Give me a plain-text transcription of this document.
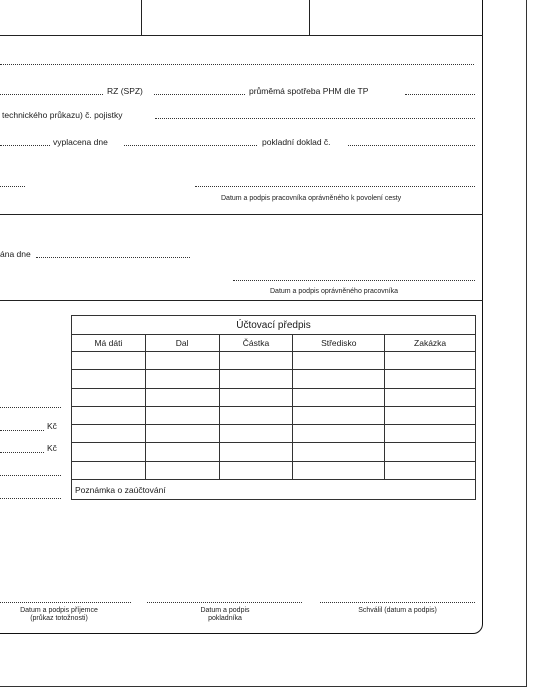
RZ (SPZ)	průměmá spotřeba PHM dle TP
technického průkazu) č. pojistky
vyplacena dne	pokladní doklad č.
Datum a podpis pracovníka oprávněného k povolení cesty
ána dne
Datum a podpis oprávněného pracovníka
Kč
Kč
Účtovací předpis				
Má dáti	Dal	Částka	Středisko	Zakázka

Poznámka o zaúčtování				
Datum a podpis příjemce
(průkaz totožnosti)
Datum a podpis
pokladníka
Schválil (datum a podpis)
